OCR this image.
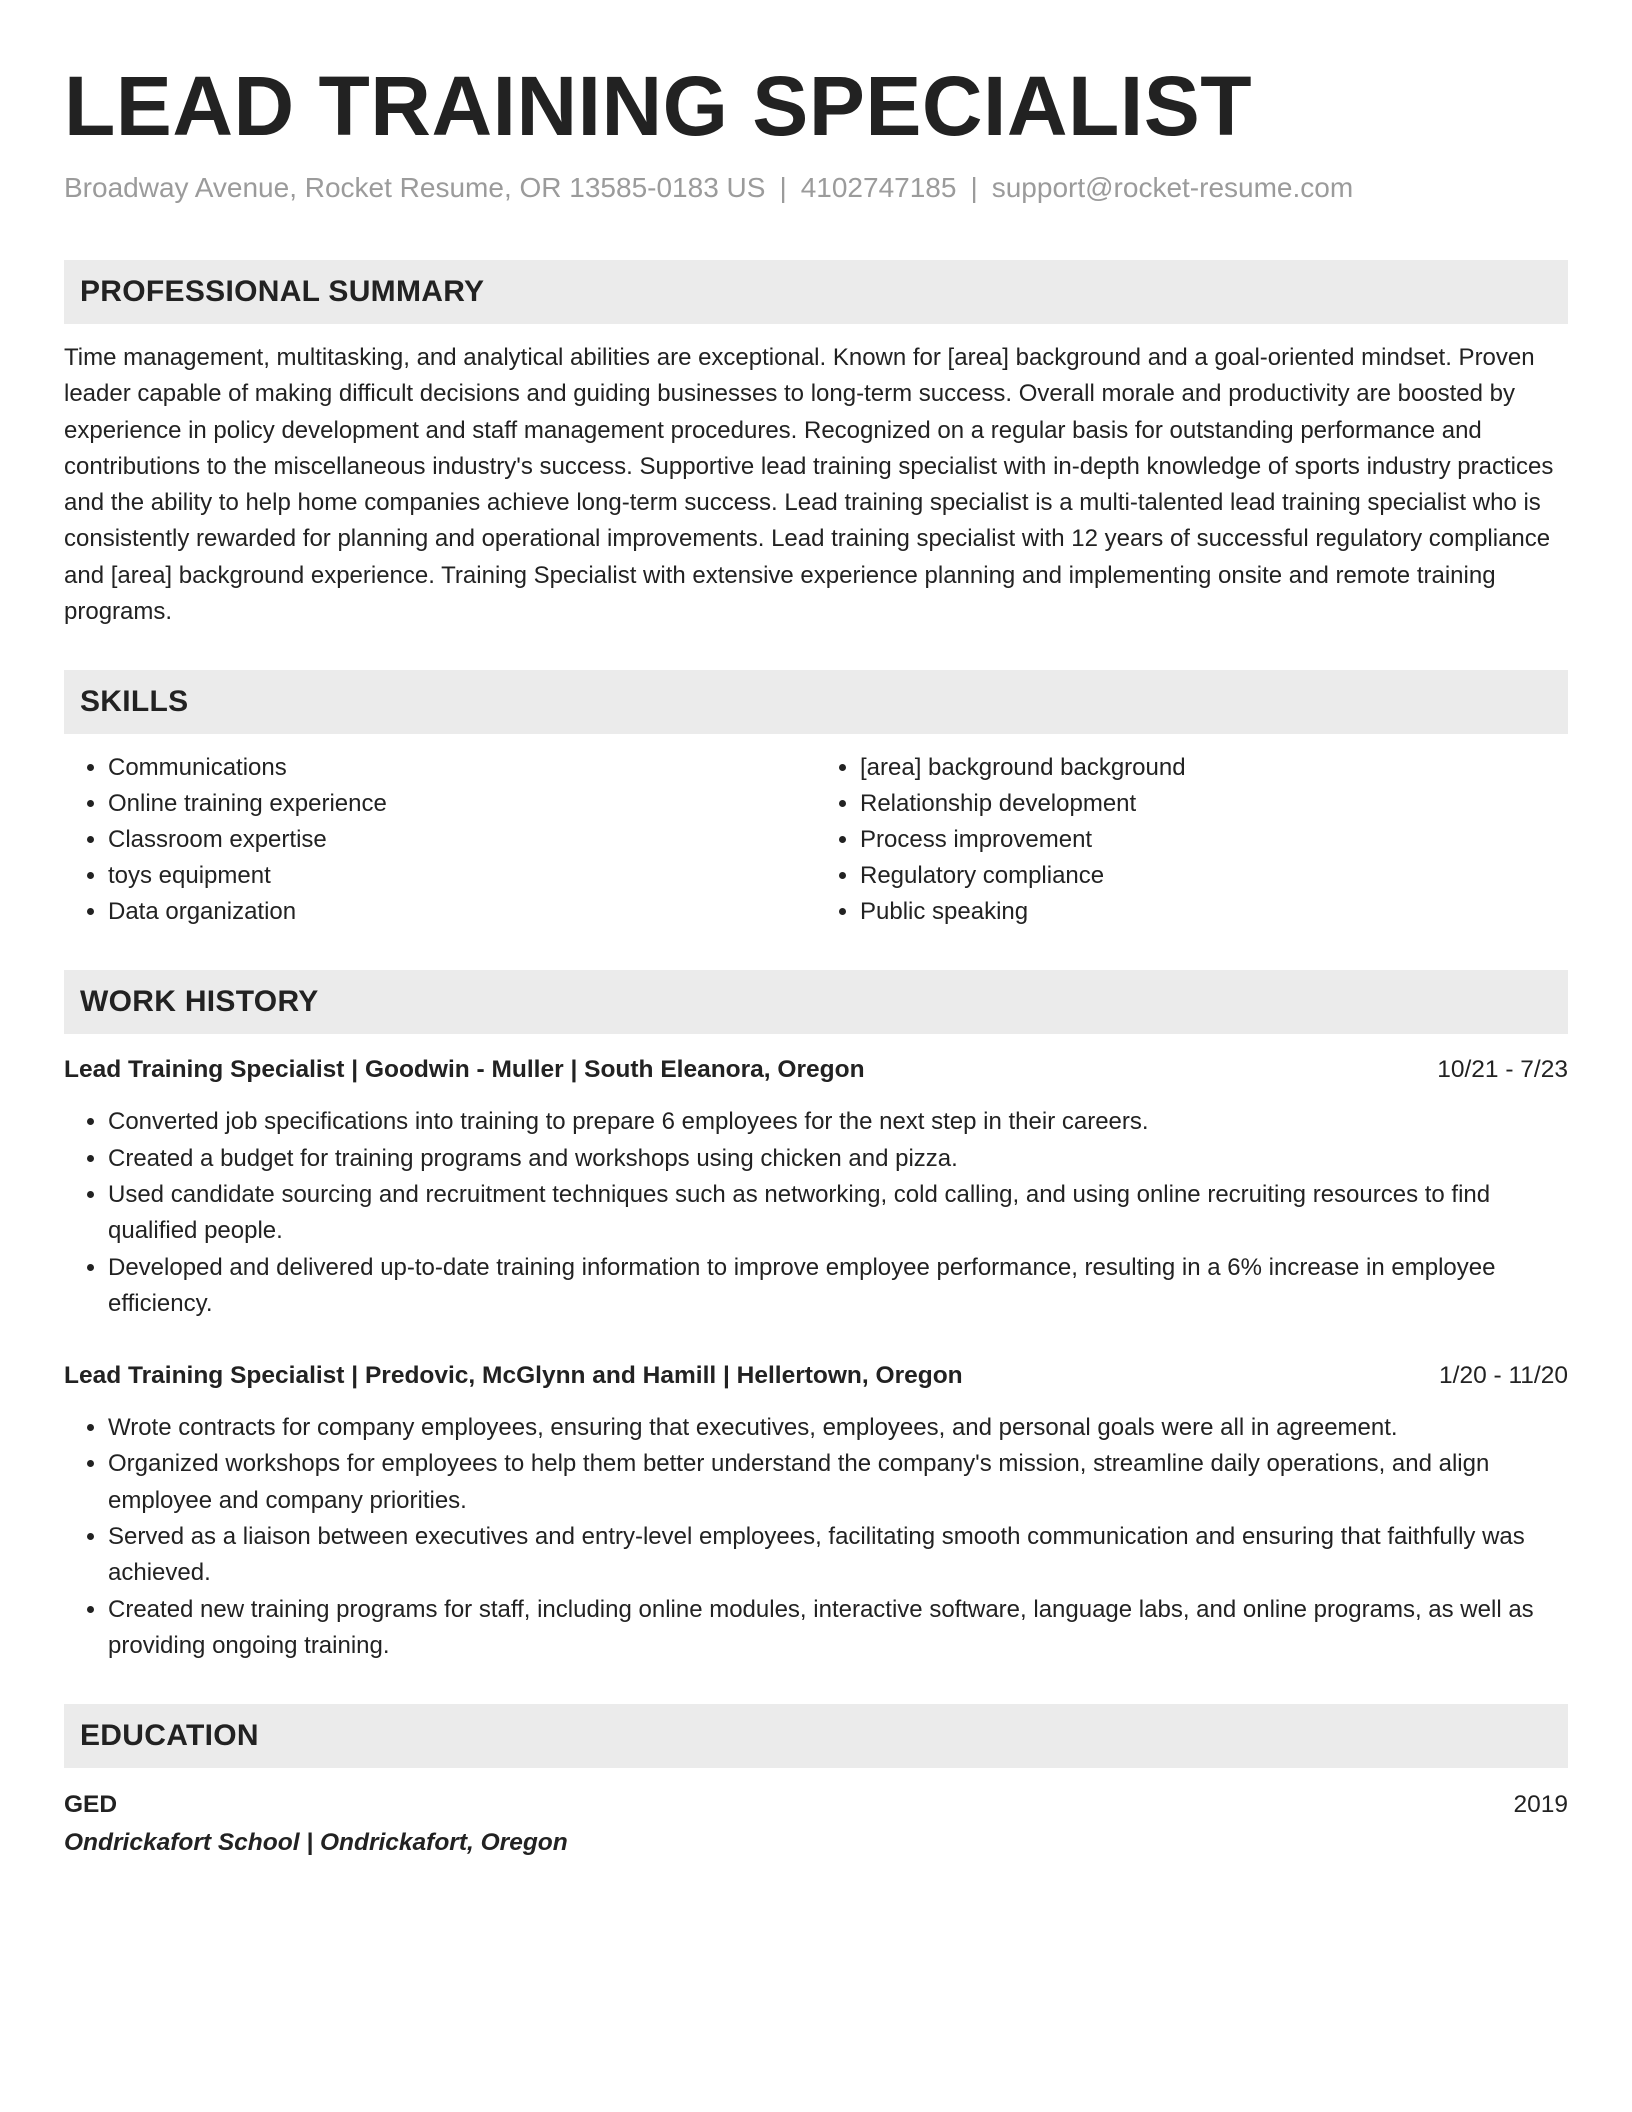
LEAD TRAINING SPECIALIST
Broadway Avenue, Rocket Resume, OR 13585-0183 US | 4102747185 | support@rocket-resume.com
PROFESSIONAL SUMMARY
Time management, multitasking, and analytical abilities are exceptional. Known for [area] background and a goal-oriented mindset. Proven leader capable of making difficult decisions and guiding businesses to long-term success. Overall morale and productivity are boosted by experience in policy development and staff management procedures. Recognized on a regular basis for outstanding performance and contributions to the miscellaneous industry's success. Supportive lead training specialist with in-depth knowledge of sports industry practices and the ability to help home companies achieve long-term success. Lead training specialist is a multi-talented lead training specialist who is consistently rewarded for planning and operational improvements. Lead training specialist with 12 years of successful regulatory compliance and [area] background experience. Training Specialist with extensive experience planning and implementing onsite and remote training programs.
SKILLS
• Communications
• Online training experience
• Classroom expertise
• toys equipment
• Data organization
• [area] background background
• Relationship development
• Process improvement
• Regulatory compliance
• Public speaking
WORK HISTORY
Lead Training Specialist | Goodwin - Muller | South Eleanora, Oregon	10/21 - 7/23
• Converted job specifications into training to prepare 6 employees for the next step in their careers.
• Created a budget for training programs and workshops using chicken and pizza.
• Used candidate sourcing and recruitment techniques such as networking, cold calling, and using online recruiting resources to find qualified people.
• Developed and delivered up-to-date training information to improve employee performance, resulting in a 6% increase in employee efficiency.
Lead Training Specialist | Predovic, McGlynn and Hamill | Hellertown, Oregon	1/20 - 11/20
• Wrote contracts for company employees, ensuring that executives, employees, and personal goals were all in agreement.
• Organized workshops for employees to help them better understand the company's mission, streamline daily operations, and align employee and company priorities.
• Served as a liaison between executives and entry-level employees, facilitating smooth communication and ensuring that faithfully was achieved.
• Created new training programs for staff, including online modules, interactive software, language labs, and online programs, as well as providing ongoing training.
EDUCATION
GED	2019
Ondrickafort School | Ondrickafort, Oregon
